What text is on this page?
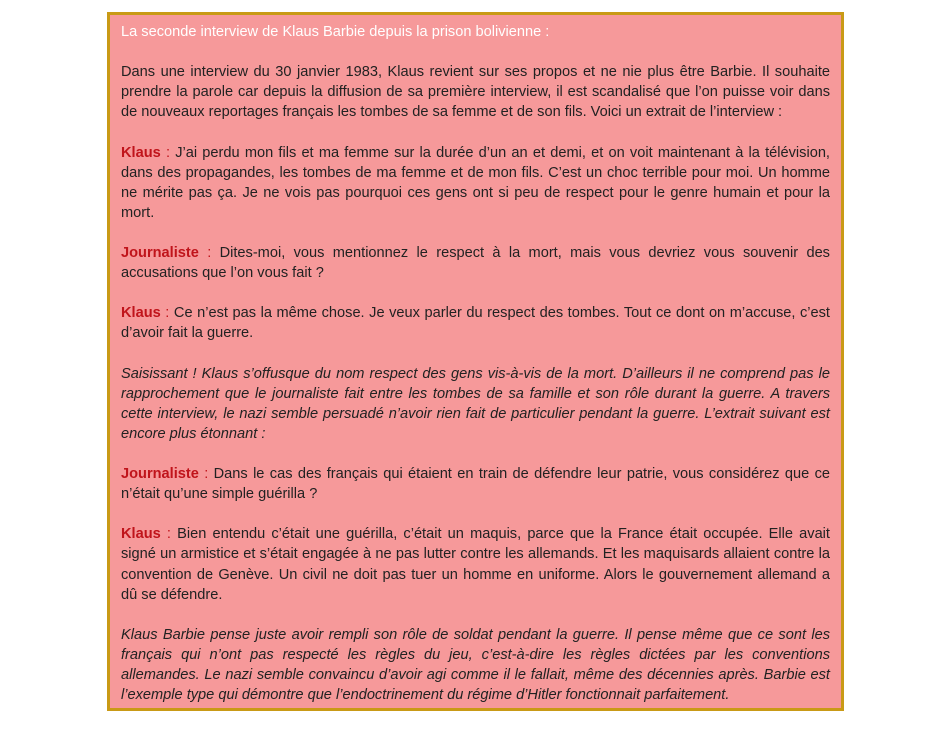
La seconde interview de Klaus Barbie depuis la prison bolivienne :

Dans une interview du 30 janvier 1983, Klaus revient sur ses propos et ne nie plus être Barbie. Il souhaite prendre la parole car depuis la diffusion de sa première interview, il est scandalisé que l’on puisse voir dans de nouveaux reportages français les tombes de sa femme et de son fils. Voici un extrait de l’interview :

Klaus : J’ai perdu mon fils et ma femme sur la durée d’un an et demi, et on voit maintenant à la télévision, dans des propagandes, les tombes de ma femme et de mon fils. C’est un choc terrible pour moi. Un homme ne mérite pas ça. Je ne vois pas pourquoi ces gens ont si peu de respect pour le genre humain et pour la mort.

Journaliste : Dites-moi, vous mentionnez le respect à la mort, mais vous devriez vous souvenir des accusations que l’on vous fait ?

Klaus : Ce n’est pas la même chose. Je veux parler du respect des tombes. Tout ce dont on m’accuse, c’est d’avoir fait la guerre.

Saisissant ! Klaus s’offusque du nom respect des gens vis-à-vis de la mort. D’ailleurs il ne comprend pas le rapprochement que le journaliste fait entre les tombes de sa famille et son rôle durant la guerre. A travers cette interview, le nazi semble persuadé n’avoir rien fait de particulier pendant la guerre. L’extrait suivant est encore plus étonnant :

Journaliste : Dans le cas des français qui étaient en train de défendre leur patrie, vous considérez que ce n’était qu’une simple guérilla ?

Klaus : Bien entendu c’était une guérilla, c’était un maquis, parce que la France était occupée. Elle avait signé un armistice et s’était engagée à ne pas lutter contre les allemands. Et les maquisards allaient contre la convention de Genève. Un civil ne doit pas tuer un homme en uniforme. Alors le gouvernement allemand a dû se défendre.

Klaus Barbie pense juste avoir rempli son rôle de soldat pendant la guerre. Il pense même que ce sont les français qui n’ont pas respecté les règles du jeu, c’est-à-dire les règles dictées par les conventions allemandes. Le nazi semble convaincu d’avoir agi comme il le fallait, même des décennies après. Barbie est l’exemple type qui démontre que l’endoctrinement du régime d’Hitler fonctionnait parfaitement.
